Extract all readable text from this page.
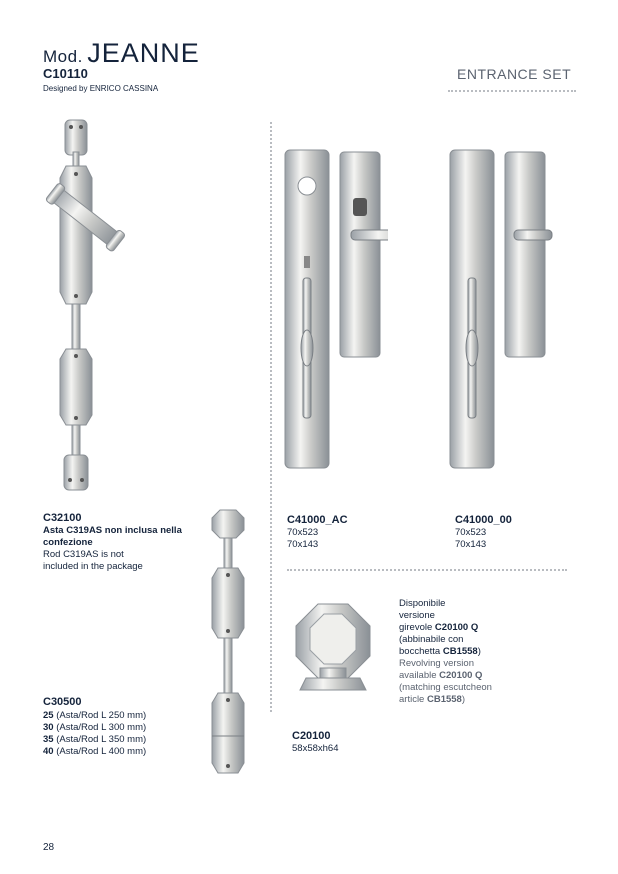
Mod. JEANNE
C10110
Designed by ENRICO CASSINA
ENTRANCE SET
C32100
Asta C319AS non inclusa nella confezione
Rod C319AS is not
included in the package
C30500
25 (Asta/Rod L 250 mm)
30 (Asta/Rod L 300 mm)
35 (Asta/Rod L 350 mm)
40 (Asta/Rod L 400 mm)
C41000_AC
70x523
70x143
C41000_00
70x523
70x143
C20100
58x58xh64
Disponibile
versione
girevole C20100 Q
(abbinabile con
bocchetta CB1558)
Revolving version
available C20100 Q
(matching escutcheon
article CB1558)
28
